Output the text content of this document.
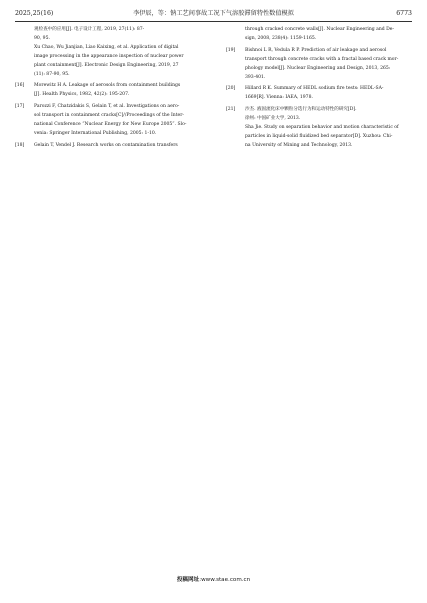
2025,25(16)	李伊辰，等：钠工艺间事故工况下气溶胶滞留特性数值模拟	6773
观检查中的应用[J]. 电子设计工程, 2019, 27(11): 87-
90, 95.
Xu Chao, Wu Jianjian, Liao Kaixing, et al. Application of digital
image processing in the appearance inspection of nuclear power
plant containment[J]. Electronic Design Engineering, 2019, 27
(11): 87-90, 95.
[16] Morewitz H A. Leakage of aerosols from containment buildings
[J]. Health Physics, 1982, 42(2): 195-207.
[17] Parozzi F, Chatzidakis S, Gelain T, et al. Investigations on aero-
sol transport in containment cracks[C]//Proceedings of the Inter-
national Conference “Nuclear Energy for New Europe 2005”. Slo-
venia: Springer International Publishing, 2005: 1-10.
[18] Gelain T, Vendel J. Research works on contamination transfers
through cracked concrete walls[J]. Nuclear Engineering and De-
sign, 2008, 238(4): 1159-1165.
[19] Bishnoi L R, Vedula R P. Prediction of air leakage and aerosol
transport through concrete cracks with a fractal based crack mor-
phology model[J]. Nuclear Engineering and Design, 2013, 265:
393-401.
[20] Hillard R K. Summary of HEDL sodium fire tests: HEDL-SA-
1669[R]. Vienna: IAEA, 1978.
[21] 沙杰. 液固流化床中颗粒分选行为和运动特性的研究[D].
徐州: 中国矿业大学, 2013.
Sha Jie. Study on separation behavior and motion characteristic of
particles in liquid-solid fluidized bed separator[D]. Xuzhou: Chi-
na University of Mining and Technology, 2013.
投稿网址:www.stae.com.cn
